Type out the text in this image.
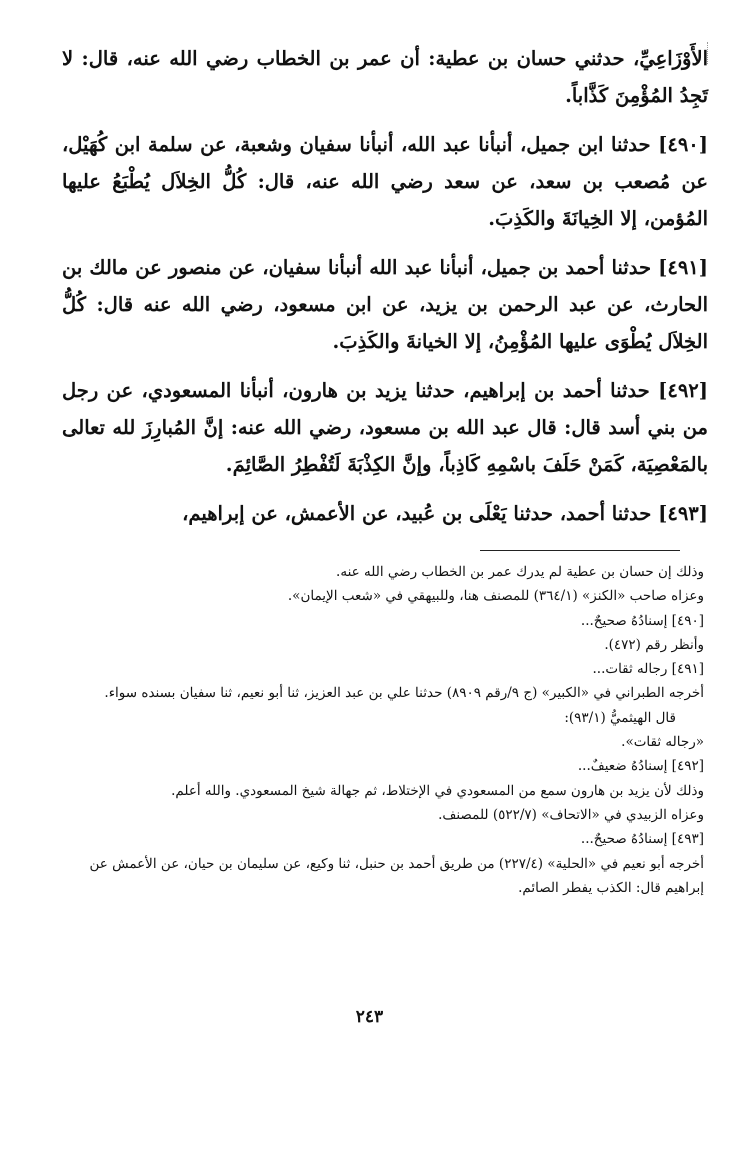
الأَوْزَاعِيِّ، حدثني حسان بن عطية: أن عمر بن الخطاب رضي الله عنه، قال: لا تَجِدُ المُؤْمِنَ كَذَّاباً.

[٤٩٠] حدثنا ابن جميل، أنبأنا عبد الله، أنبأنا سفيان وشعبة، عن سلمة ابن كُهَيْل، عن مُصعب بن سعد، عن سعد رضي الله عنه، قال: كُلُّ الخِلاَل يُطْبَعُ عليها المُؤمن، إلا الخِيانَةَ والكَذِبَ.

[٤٩١] حدثنا أحمد بن جميل، أنبأنا عبد الله أنبأنا سفيان، عن منصور عن مالك بن الحارث، عن عبد الرحمن بن يزيد، عن ابن مسعود، رضي الله عنه قال: كُلُّ الخِلاَل يُطْوَى عليها المُؤْمِنُ، إلا الخيانةَ والكَذِبَ.

[٤٩٢] حدثنا أحمد بن إبراهيم، حدثنا يزيد بن هارون، أنبأنا المسعودي، عن رجل من بني أسد قال: قال عبد الله بن مسعود، رضي الله عنه: إنَّ المُبارِزَ لله تعالى بالمَعْصِيَة، كَمَنْ حَلَفَ باسْمِهِ كَاذِباً، وإنَّ الكِذْبَةَ لَتُفْطِرُ الصَّائِمَ.

[٤٩٣] حدثنا أحمد، حدثنا يَعْلَى بن عُبيد، عن الأعمش، عن إبراهيم،

وذلك إن حسان بن عطية لم يدرك عمر بن الخطاب رضي الله عنه.

وعزاه صاحب «الكنز» (٣٦٤/١) للمصنف هنا، وللبيهقي في «شعب الإيمان».

[٤٩٠] إسنادُهُ صحيحٌ...

وأنظر رقم (٤٧٢).

[٤٩١] رجاله ثقات...

أخرجه الطبراني في «الكبير» (ج ٩/رقم ٨٩٠٩) حدثنا علي بن عبد العزيز، ثنا أبو نعيم، ثنا سفيان بسنده سواء.

قال الهيثميُّ (٩٣/١):

«رجاله ثقات».

[٤٩٢] إسنادُهُ ضعيفٌ...

وذلك لأن يزيد بن هارون سمع من المسعودي في الإختلاط، ثم جهالة شيخ المسعودي. والله أعلم.

وعزاه الزبيدي في «الاتحاف» (٥٢٢/٧) للمصنف.

[٤٩٣] إسنادُهُ صحيحٌ...

أخرجه أبو نعيم في «الحلية» (٢٢٧/٤) من طريق أحمد بن حنبل، ثنا وكيع، عن سليمان بن حيان، عن الأعمش عن إبراهيم قال: الكذب يفطر الصائم.

٢٤٣
